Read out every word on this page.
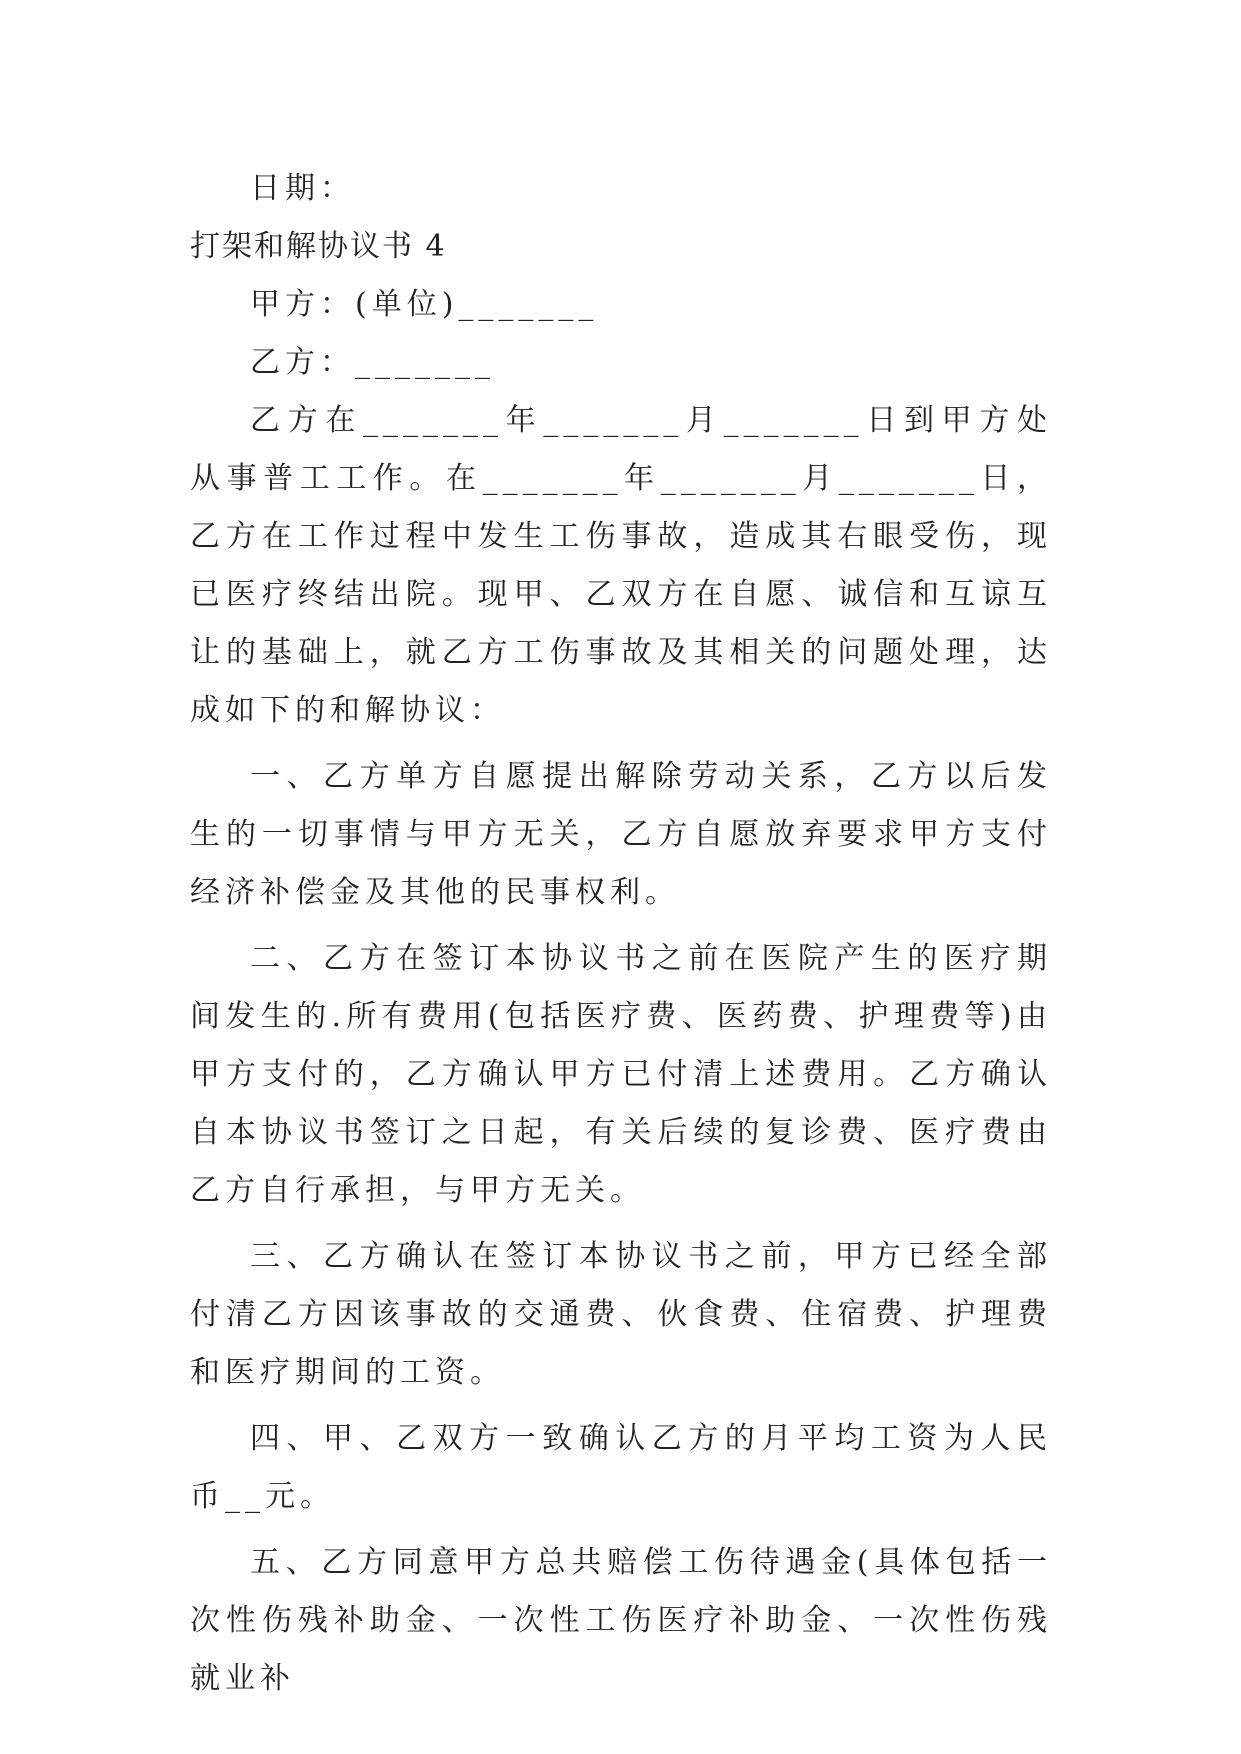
日期：

打架和解协议书 4

甲方：(单位)_______

乙方：_______

乙方在_______年_______月_______日到甲方处从事普工工作。在_______年_______月_______日，乙方在工作过程中发生工伤事故，造成其右眼受伤，现已医疗终结出院。现甲、乙双方在自愿、诚信和互谅互让的基础上，就乙方工伤事故及其相关的问题处理，达成如下的和解协议：

一、乙方单方自愿提出解除劳动关系，乙方以后发生的一切事情与甲方无关，乙方自愿放弃要求甲方支付经济补偿金及其他的民事权利。

二、乙方在签订本协议书之前在医院产生的医疗期间发生的.所有费用(包括医疗费、医药费、护理费等)由甲方支付的，乙方确认甲方已付清上述费用。乙方确认自本协议书签订之日起，有关后续的复诊费、医疗费由乙方自行承担，与甲方无关。

三、乙方确认在签订本协议书之前，甲方已经全部付清乙方因该事故的交通费、伙食费、住宿费、护理费和医疗期间的工资。

四、甲、乙双方一致确认乙方的月平均工资为人民币__元。

五、乙方同意甲方总共赔偿工伤待遇金(具体包括一次性伤残补助金、一次性工伤医疗补助金、一次性伤残就业补
